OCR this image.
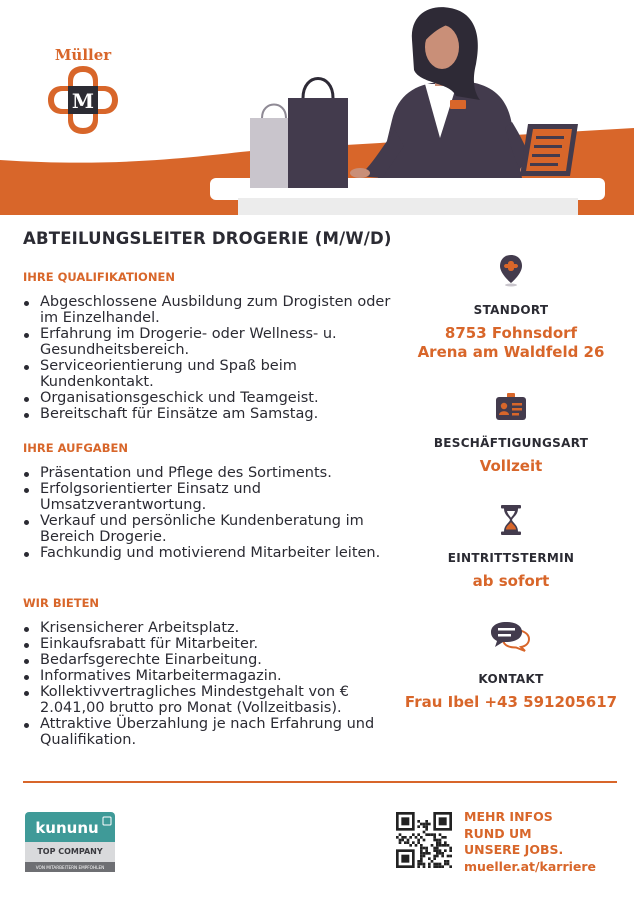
M
Müller
ABTEILUNGSLEITER DROGERIE (M/W/D)
IHRE QUALIFIKATIONEN
Abgeschlossene Ausbildung zum Drogisten oder im Einzelhandel.
Erfahrung im Drogerie- oder Wellness- u. Gesundheitsbereich.
Serviceorientierung und Spaß beim Kundenkontakt.
Organisationsgeschick und Teamgeist.
Bereitschaft für Einsätze am Samstag.
IHRE AUFGABEN
Präsentation und Pflege des Sortiments.
Erfolgsorientierter Einsatz und Umsatzverantwortung.
Verkauf und persönliche Kundenberatung im Bereich Drogerie.
Fachkundig und motivierend Mitarbeiter leiten.
WIR BIETEN
Krisensicherer Arbeitsplatz.
Einkaufsrabatt für Mitarbeiter.
Bedarfsgerechte Einarbeitung.
Informatives Mitarbeitermagazin.
Kollektivvertragliches Mindestgehalt von € 2.041,00 brutto pro Monat (Vollzeitbasis).
Attraktive Überzahlung je nach Erfahrung und Qualifikation.
STANDORT
8753 Fohnsdorf
Arena am Waldfeld 26
BESCHÄFTIGUNGSART
Vollzeit
EINTRITTSTERMIN
ab sofort
KONTAKT
Frau Ibel +43 591205617
kununu
TOP COMPANY
VON MITARBEITERN EMPFOHLEN
MEHR INFOS
RUND UM
UNSERE JOBS.
mueller.at/karriere
